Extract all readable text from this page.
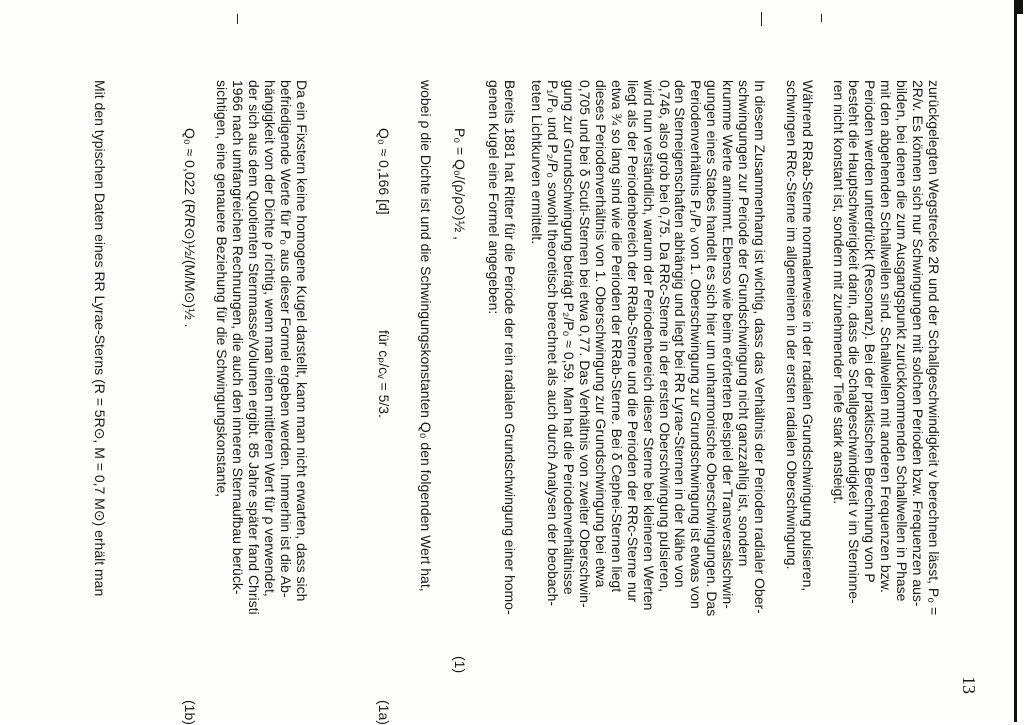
13
zurückgelegten Wegstrecke 2R und der Schallgeschwindigkeit v berechnen lässt, P₀ =
2R/v. Es können sich nur Schwingungen mit solchen Perioden bzw. Frequenzen aus-
bilden, bei denen die zum Ausgangspunkt zurückkommenden Schallwellen in Phase
mit den abgehenden Schallwellen sind. Schallwellen mit anderen Frequenzen bzw.
Perioden werden unterdrückt (Resonanz). Bei der praktischen Berechnung von P
besteht die Hauptschwierigkeit darin, dass die Schallgeschwindigkeit v im Sterninne-
ren nicht konstant ist, sondern mit zunehmender Tiefe stark ansteigt.
Während RRab-Sterne normalerweise in der radialen Grundschwingung pulsieren,
schwingen RRc-Sterne im allgemeinen in der ersten radialen Oberschwingung.
In diesem Zusammenhang ist wichtig, dass das Verhältnis der Perioden radialer Ober-
schwingungen zur Periode der Grundschwingung nicht ganzzahlig ist, sondern
krumme Werte annimmt. Ebenso wie beim erörterten Beispiel der Transversalschwin-
gungen eines Stabes handelt es sich hier um unharmonische Oberschwingungen. Das
Periodenverhältnis P₁/P₀ von 1. Oberschwingung zur Grundschwingung ist etwas von
den Sterneigenschaften abhängig und liegt bei RR Lyrae-Sternen in der Nähe von
0,746, also grob bei 0,75. Da RRc-Sterne in der ersten Oberschwingung pulsieren,
wird nun verständlich, warum der Periodenbereich dieser Sterne bei kleineren Werten
liegt als der Periodenbereich der RRab-Sterne und die Perioden der RRc-Sterne nur
etwa ¾ so lang sind wie die Perioden der RRab-Sterne. Bei δ Cephei-Sternen liegt
dieses Periodenverhältnis von 1. Oberschwingung zur Grundschwingung bei etwa
0,705 und bei δ Scuti-Sternen bei etwa 0,77. Das Verhältnis von zweiter Oberschwin-
gung zur Grundschwingung beträgt P₂/P₀ ≈ 0,59. Man hat die Periodenverhältnisse
P₁/P₀ und P₂/P₀ sowohl theoretisch berechnet als auch durch Analysen der beobach-
teten Lichtkurven ermittelt.
Bereits 1881 hat Ritter für die Periode der rein radialen Grundschwingung einer homo-
genen Kugel eine Formel angegeben:
P₀ = Q₀/(ρ/ρ⊙)½ ,
(1)
Q₀ ≈ 0,166 [d]
für cₚ/cᵥ = 5/3.
(1a)
Q₀ ≈ 0,022 (R/R⊙)½/(M/M⊙)½ .
(1b)
wobei ρ die Dichte ist und die Schwingungskonstanten Q₀ den folgenden Wert hat,
Da ein Fixstern keine homogene Kugel darstellt, kann man nicht erwarten, dass sich
befriedigende Werte für P₀ aus dieser Formel ergeben werden. Immerhin ist die Ab-
hängigkeit von der Dichte ρ richtig, wenn man einen mittleren Wert für ρ verwendet,
der sich aus dem Quotienten Sternmasse/Volumen ergibt. 85 Jahre später fand Christi
1966 nach umfangreichen Rechnungen, die auch den inneren Sternaufbau berück-
sichtigen, eine genauere Beziehung für die Schwingungskonstante,
Mit den typischen Daten eines RR Lyrae-Sterns (R = 5R⊙, M = 0,7 M⊙) erhält man
